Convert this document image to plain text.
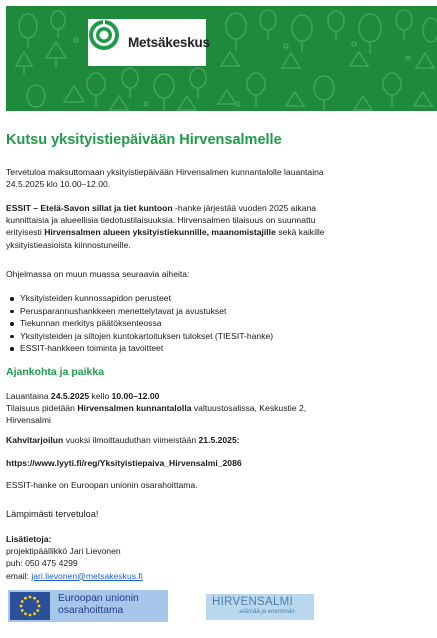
Metsäkeskus
Kutsu yksityistiepäivään Hirvensalmelle
Tervetuloa maksuttomaan yksityistiepäivään Hirvensalmen kunnantalolle lauantaina
24.5.2025 klo 10.00–12.00.
ESSIT – Etelä-Savon sillat ja tiet kuntoon -hanke järjestää vuoden 2025 aikana
kunnittaisia ja alueellisia tiedotustilaisuuksia. Hirvensalmen tilaisuus on suunnattu
erityisesti Hirvensalmen alueen yksityistiekunnille, maanomistajille sekä kaikille
yksityistieasioista kiinnostuneille.
Ohjelmassa on muun muassa seuraavia aiheita:
Yksityisteiden kunnossapidon perusteet
Perusparannushankkeen menettelytavat ja avustukset
Tiekunnan merkitys päätöksenteossa
Yksityisteiden ja siltojen kuntokartoituksen tulokset (TIESIT-hanke)
ESSIT-hankkeen toiminta ja tavoitteet
Ajankohta ja paikka
Lauantaina 24.5.2025 kello 10.00–12.00
Tilaisuus pidetään Hirvensalmen kunnantalolla valtuustosalissa, Keskustie 2,
Hirvensalmi
Kahvitarjoilun vuoksi ilmoittauduthan viimeistään 21.5.2025:
https://www.lyyti.fi/reg/Yksityistiepaiva_Hirvensalmi_2086
ESSIT-hanke on Euroopan unionin osarahoittama.
Lämpimästi tervetuloa!
Lisätietoja:
projektipäällikkö Jari Lievonen
puh: 050 475 4299
email: jari.lievonen@metsakeskus.fi
Euroopan unionin
osarahoittama
HIRVENSALMI
-elämää ja enemmän-
